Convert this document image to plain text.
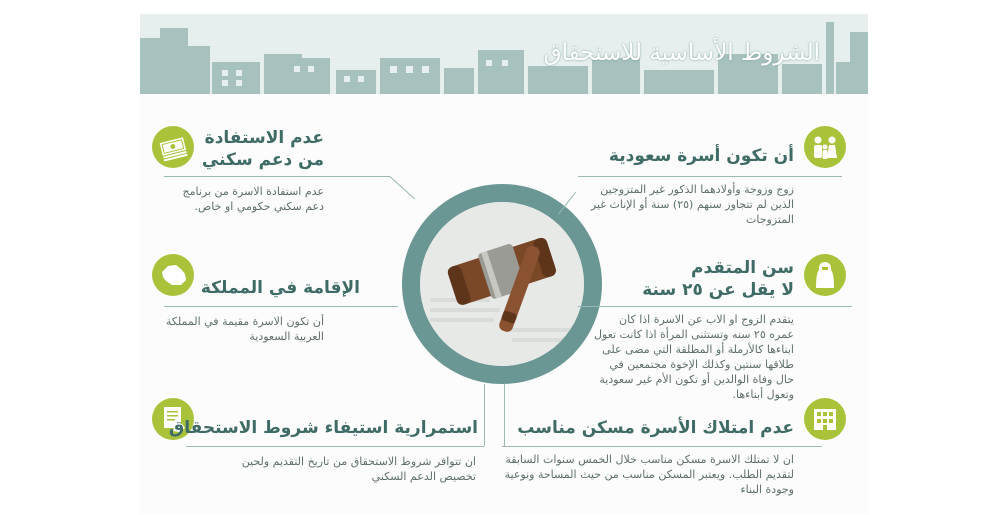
الشروط الأساسية للاستحقاق
أن تكون أسرة سعودية
زوج وزوجة وأولادهما الذكور غير المتزوجين الذين لم تتجاوز سنهم (٢٥) سنة أو الإناث غير المتزوجات
سن المتقدم
لا يقل عن ٢٥ سنة
يتقدم الزوج او الاب عن الاسرة اذا كان عمره ٢٥ سنه وتستثنى المرأة اذا كانت تعول ابناءها كالأرملة أو المطلقة التي مضى على طلاقها سنتين وكذلك الإخوة مجتمعين في حال وفاة الوالدين أو تكون الأم غير سعودية وتعول أبناءها.
عدم امتلاك الأسرة مسكن مناسب
ان لا تمتلك الاسرة مسكن مناسب خلال الخمس سنوات السابقة لتقديم الطلب. ويعتبر المسكن مناسب من حيث المساحة ونوعية وجودة البناء
عدم الاستفادة
من دعم سكني
عدم استفادة الاسرة من برنامج دعم سكني حكومي او خاص.
الإقامة في المملكة
أن تكون الاسرة مقيمة في المملكة العربية السعودية
استمرارية استيفاء شروط الاستحقاق
ان تتوافر شروط الاستحقاق من تاريخ التقديم ولحين تخصيص الدعم السكني
